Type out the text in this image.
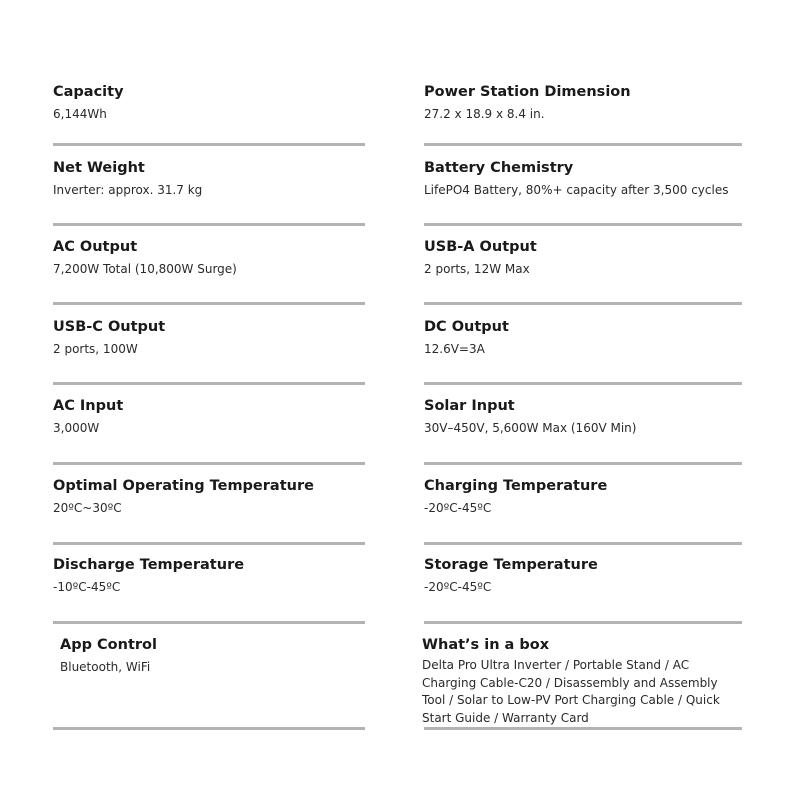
Capacity
6,144Wh
Power Station Dimension
27.2 x 18.9 x 8.4 in.
Net Weight
Inverter: approx. 31.7 kg
Battery Chemistry
LifePO4 Battery, 80%+ capacity after 3,500 cycles
AC Output
7,200W Total (10,800W Surge)
USB-A Output
2 ports, 12W Max
USB-C Output
2 ports, 100W
DC Output
12.6V=3A
AC Input
3,000W
Solar Input
30V–450V, 5,600W Max (160V Min)
Optimal Operating Temperature
20ºC~30ºC
Charging Temperature
-20ºC-45ºC
Discharge Temperature
-10ºC-45ºC
Storage Temperature
-20ºC-45ºC
App Control
Bluetooth, WiFi
What’s in a box
Delta Pro Ultra Inverter / Portable Stand / AC Charging Cable-C20 / Disassembly and Assembly Tool / Solar to Low-PV Port Charging Cable / Quick Start Guide / Warranty Card
